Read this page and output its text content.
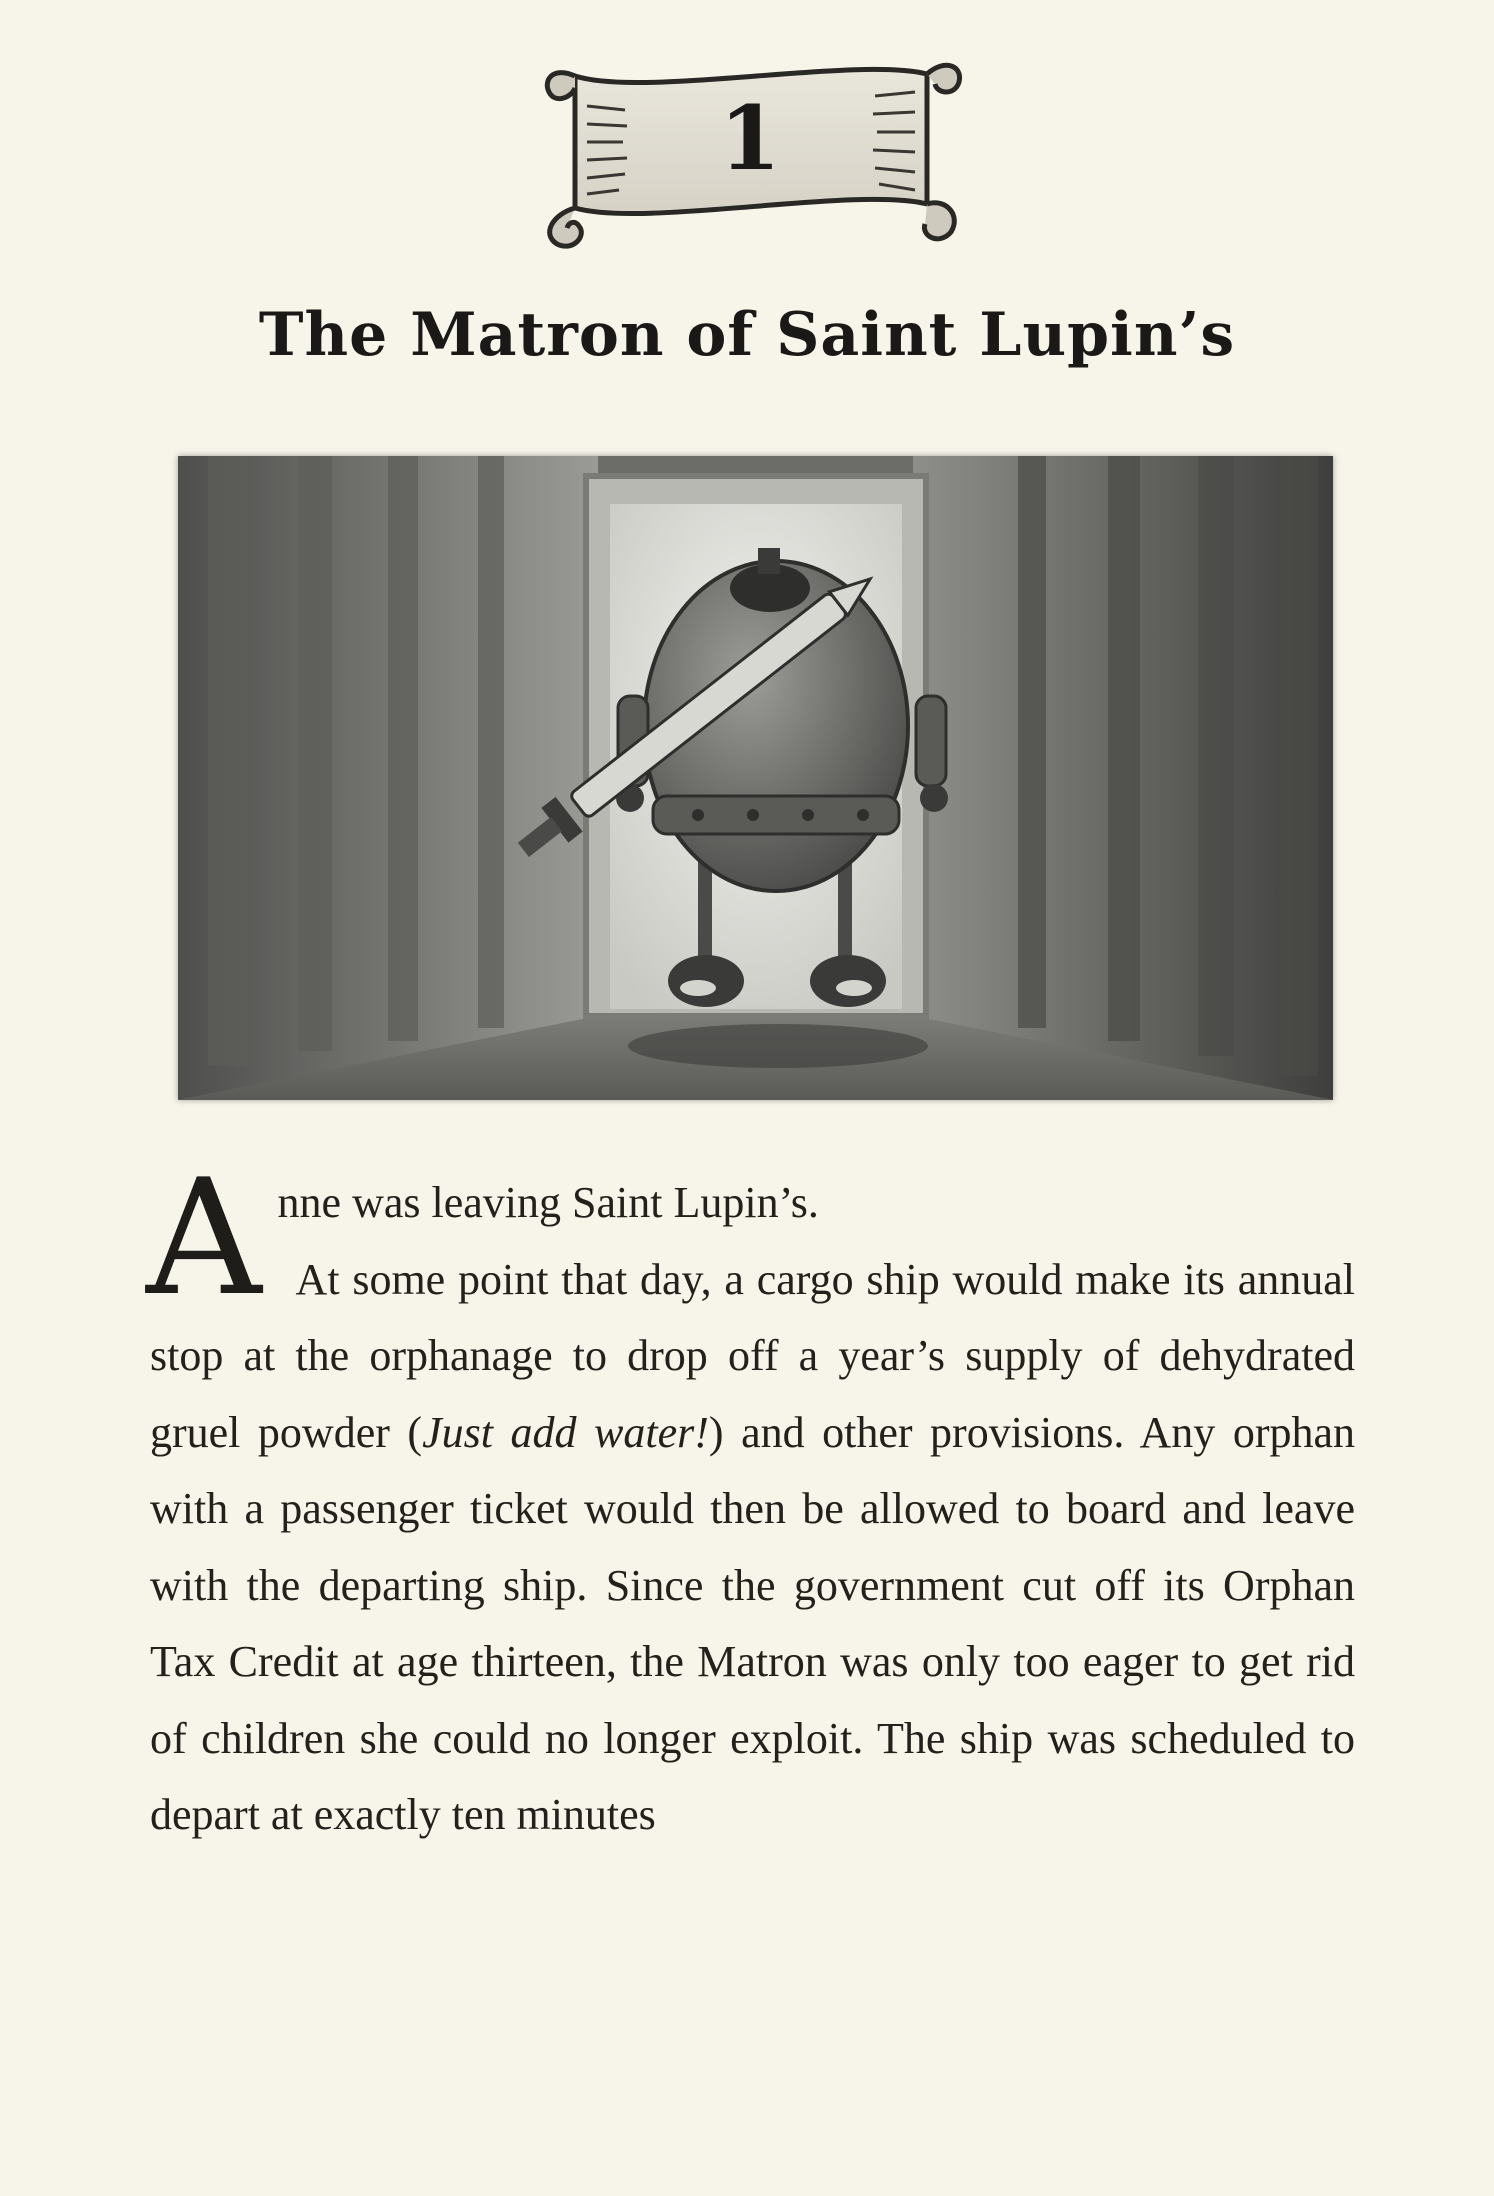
1
The Matron of Saint Lupin’s
A nne was leaving Saint Lupin’s.
At some point that day, a cargo ship would make its annual stop at the orphanage to drop off a year’s supply of dehydrated gruel powder (Just add water!) and other provisions. Any orphan with a passenger ticket would then be allowed to board and leave with the departing ship. Since the government cut off its Orphan Tax Credit at age thirteen, the Matron was only too eager to get rid of children she could no longer exploit. The ship was scheduled to depart at exactly ten minutes
